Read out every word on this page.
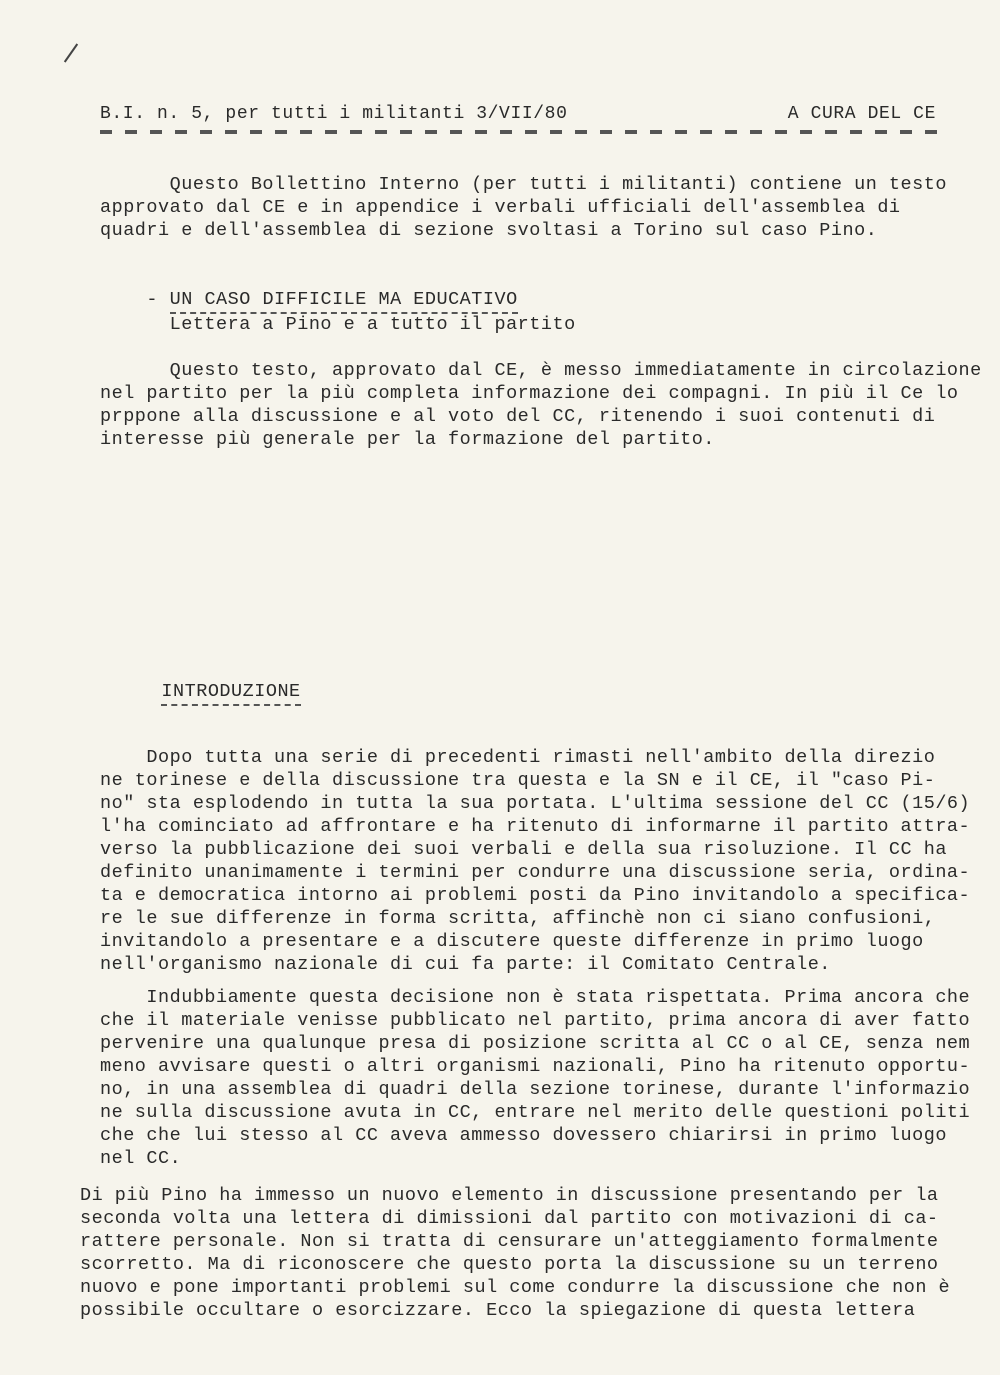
B.I. n. 5, per tutti i militanti 3/VII/80	A CURA DEL CE

Questo Bollettino Interno (per tutti i militanti) contiene un testo

approvato dal CE e in appendice i verbali ufficiali dell'assemblea di

quadri e dell'assemblea di sezione svoltasi a Torino sul caso Pino.

- UN CASO DIFFICILE MA EDUCATIVO

Lettera a Pino e a tutto il partito

Questo testo, approvato dal CE, è messo immediatamente in circolazione

nel partito per la più completa informazione dei compagni. In più il Ce lo

prppone alla discussione e al voto del CC, ritenendo i suoi contenuti di

interesse più generale per la formazione del partito.

INTRODUZIONE

Dopo tutta una serie di precedenti rimasti nell'ambito della direzio

ne torinese e della discussione tra questa e la SN e il CE, il "caso Pi-

no" sta esplodendo in tutta la sua portata. L'ultima sessione del CC (15/6)

l'ha cominciato ad affrontare e ha ritenuto di informarne il partito attra-

verso la pubblicazione dei suoi verbali e della sua risoluzione. Il CC ha

definito unanimamente i termini per condurre una discussione seria, ordina-

ta e democratica intorno ai problemi posti da Pino invitandolo a specifica-

re le sue differenze in forma scritta, affinchè non ci siano confusioni,

invitandolo a presentare e a discutere queste differenze in primo luogo

nell'organismo nazionale di cui fa parte: il Comitato Centrale.

Indubbiamente questa decisione non è stata rispettata. Prima ancora che

che il materiale venisse pubblicato nel partito, prima ancora di aver fatto

pervenire una qualunque presa di posizione scritta al CC o al CE, senza nem

meno avvisare questi o altri organismi nazionali, Pino ha ritenuto opportu-

no, in una assemblea di quadri della sezione torinese, durante l'informazio

ne sulla discussione avuta in CC, entrare nel merito delle questioni politi

che che lui stesso al CC aveva ammesso dovessero chiarirsi in primo luogo

nel CC.

Di più Pino ha immesso un nuovo elemento in discussione presentando per la

seconda volta una lettera di dimissioni dal partito con motivazioni di ca-

rattere personale. Non si tratta di censurare un'atteggiamento formalmente

scorretto. Ma di riconoscere che questo porta la discussione su un terreno

nuovo e pone importanti problemi sul come condurre la discussione che non è

possibile occultare o esorcizzare. Ecco la spiegazione di questa lettera
